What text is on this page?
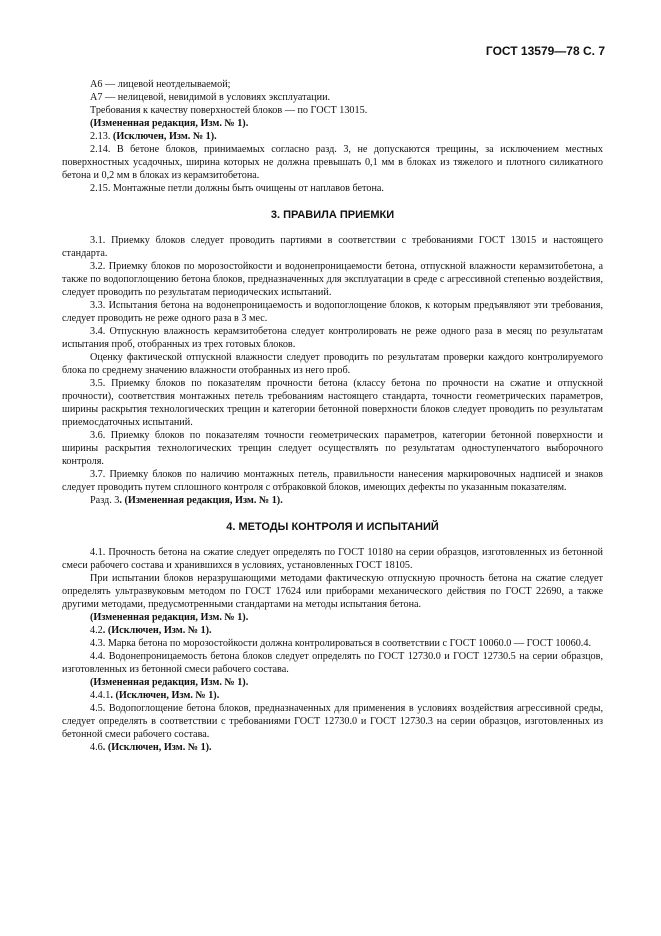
ГОСТ 13579—78 С. 7

А6 — лицевой неотделываемой;

А7 — нелицевой, невидимой в условиях эксплуатации.

Требования к качеству поверхностей блоков — по ГОСТ 13015.

(Измененная редакция, Изм. № 1).

2.13. (Исключен, Изм. № 1).

2.14. В бетоне блоков, принимаемых согласно разд. 3, не допускаются трещины, за исключением местных поверхностных усадочных, ширина которых не должна превышать 0,1 мм в блоках из тяжелого и плотного силикатного бетона и 0,2 мм в блоках из керамзитобетона.

2.15. Монтажные петли должны быть очищены от наплавов бетона.

3. ПРАВИЛА ПРИЕМКИ

3.1. Приемку блоков следует проводить партиями в соответствии с требованиями ГОСТ 13015 и настоящего стандарта.

3.2. Приемку блоков по морозостойкости и водонепроницаемости бетона, отпускной влажности керамзитобетона, а также по водопоглощению бетона блоков, предназначенных для эксплуатации в среде с агрессивной степенью воздействия, следует проводить по результатам периодических испытаний.

3.3. Испытания бетона на водонепроницаемость и водопоглощение блоков, к которым предъявляют эти требования, следует проводить не реже одного раза в 3 мес.

3.4. Отпускную влажность керамзитобетона следует контролировать не реже одного раза в месяц по результатам испытания проб, отобранных из трех готовых блоков.

Оценку фактической отпускной влажности следует проводить по результатам проверки каждого контролируемого блока по среднему значению влажности отобранных из него проб.

3.5. Приемку блоков по показателям прочности бетона (классу бетона по прочности на сжатие и отпускной прочности), соответствия монтажных петель требованиям настоящего стандарта, точности геометрических параметров, ширины раскрытия технологических трещин и категории бетонной поверхности блоков следует проводить по результатам приемосдаточных испытаний.

3.6. Приемку блоков по показателям точности геометрических параметров, категории бетонной поверхности и ширины раскрытия технологических трещин следует осуществлять по результатам одноступенчатого выборочного контроля.

3.7. Приемку блоков по наличию монтажных петель, правильности нанесения маркировочных надписей и знаков следует проводить путем сплошного контроля с отбраковкой блоков, имеющих дефекты по указанным показателям.

Разд. 3. (Измененная редакция, Изм. № 1).

4. МЕТОДЫ КОНТРОЛЯ И ИСПЫТАНИЙ

4.1. Прочность бетона на сжатие следует определять по ГОСТ 10180 на серии образцов, изготовленных из бетонной смеси рабочего состава и хранившихся в условиях, установленных ГОСТ 18105.

При испытании блоков неразрушающими методами фактическую отпускную прочность бетона на сжатие следует определять ультразвуковым методом по ГОСТ 17624 или приборами механического действия по ГОСТ 22690, а также другими методами, предусмотренными стандартами на методы испытания бетона.

(Измененная редакция, Изм. № 1).

4.2. (Исключен, Изм. № 1).

4.3. Марка бетона по морозостойкости должна контролироваться в соответствии с ГОСТ 10060.0 — ГОСТ 10060.4.

4.4. Водонепроницаемость бетона блоков следует определять по ГОСТ 12730.0 и ГОСТ 12730.5 на серии образцов, изготовленных из бетонной смеси рабочего состава.

(Измененная редакция, Изм. № 1).

4.4.1. (Исключен, Изм. № 1).

4.5. Водопоглощение бетона блоков, предназначенных для применения в условиях воздействия агрессивной среды, следует определять в соответствии с требованиями ГОСТ 12730.0 и ГОСТ 12730.3 на серии образцов, изготовленных из бетонной смеси рабочего состава.

4.6. (Исключен, Изм. № 1).
